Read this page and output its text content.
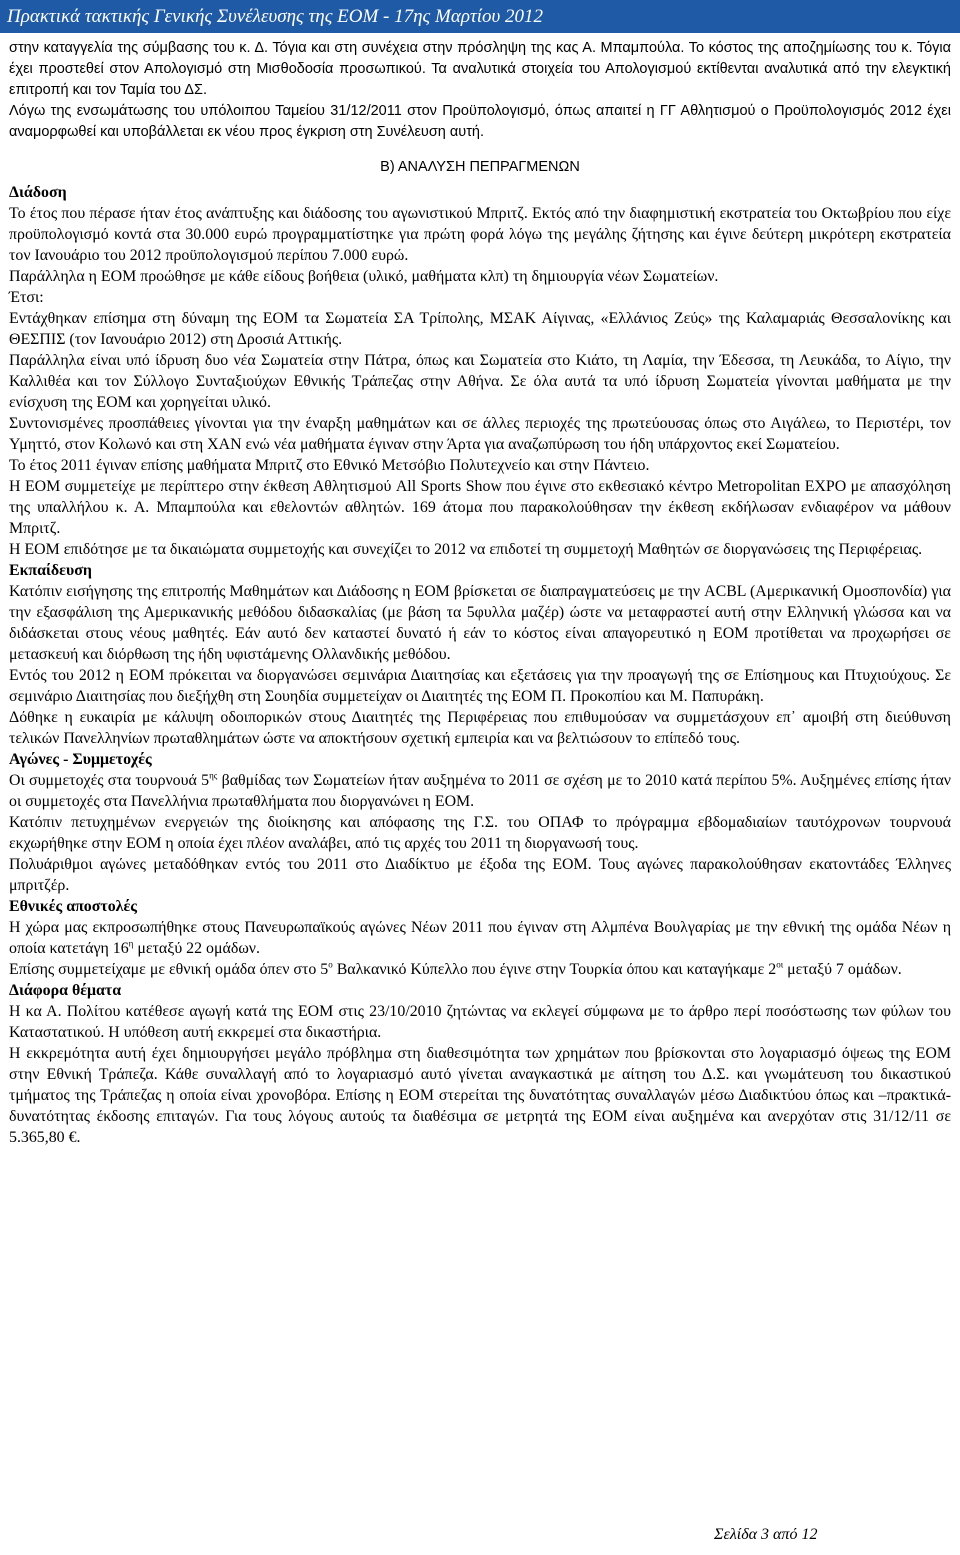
Πρακτικά τακτικής Γενικής Συνέλευσης της ΕΟΜ - 17ης Μαρτίου 2012

στην καταγγελία της σύμβασης του κ. Δ. Τόγια και στη συνέχεια στην πρόσληψη της κας Α. Μπαμπούλα. Το κόστος της αποζημίωσης του κ. Τόγια έχει προστεθεί στον Απολογισμό στη Μισθοδοσία προσωπικού. Τα αναλυτικά στοιχεία του Απολογισμού εκτίθενται αναλυτικά από την ελεγκτική επιτροπή και τον Ταμία του ΔΣ.

Λόγω της ενσωμάτωσης του υπόλοιπου Ταμείου 31/12/2011 στον Προϋπολογισμό, όπως απαιτεί η ΓΓ Αθλητισμού ο Προϋπολογισμός 2012 έχει αναμορφωθεί και υποβάλλεται εκ νέου προς έγκριση στη Συνέλευση αυτή.

Β) ΑΝΑΛΥΣΗ ΠΕΠΡΑΓΜΕΝΩΝ

Διάδοση

Το έτος που πέρασε ήταν έτος ανάπτυξης και διάδοσης του αγωνιστικού Μπριτζ. Εκτός από την διαφημιστική εκστρατεία του Οκτωβρίου που είχε προϋπολογισμό κοντά στα 30.000 ευρώ προγραμματίστηκε για πρώτη φορά λόγω της μεγάλης ζήτησης και έγινε δεύτερη μικρότερη εκστρατεία τον Ιανουάριο του 2012 προϋπολογισμού περίπου 7.000 ευρώ.

Παράλληλα η ΕΟΜ προώθησε με κάθε είδους βοήθεια (υλικό, μαθήματα κλπ) τη δημιουργία νέων Σωματείων.

Έτσι:

Εντάχθηκαν επίσημα στη δύναμη της ΕΟΜ τα Σωματεία ΣΑ Τρίπολης, ΜΣΑΚ Αίγινας, «Ελλάνιος Ζεύς» της Καλαμαριάς Θεσσαλονίκης και ΘΕΣΠΙΣ (τον Ιανουάριο 2012) στη Δροσιά Αττικής.

Παράλληλα είναι υπό ίδρυση δυο νέα Σωματεία στην Πάτρα, όπως και Σωματεία στο Κιάτο, τη Λαμία, την Έδεσσα, τη Λευκάδα, το Αίγιο, την Καλλιθέα και τον Σύλλογο Συνταξιούχων Εθνικής Τράπεζας στην Αθήνα. Σε όλα αυτά τα υπό ίδρυση Σωματεία γίνονται μαθήματα με την ενίσχυση της ΕΟΜ και χορηγείται υλικό.

Συντονισμένες προσπάθειες γίνονται για την έναρξη μαθημάτων και σε άλλες περιοχές της πρωτεύουσας όπως στο Αιγάλεω, το Περιστέρι, τον Υμηττό, στον Κολωνό και στη ΧΑΝ ενώ νέα μαθήματα έγιναν στην Άρτα για αναζωπύρωση του ήδη υπάρχοντος εκεί Σωματείου.

Το έτος 2011 έγιναν επίσης μαθήματα Μπριτζ στο Εθνικό Μετσόβιο Πολυτεχνείο και στην Πάντειο.

Η ΕΟΜ συμμετείχε με περίπτερο στην έκθεση Αθλητισμού All Sports Show που έγινε στο εκθεσιακό κέντρο Metropolitan EXPO με απασχόληση της υπαλλήλου κ. Α. Μπαμπούλα και εθελοντών αθλητών. 169 άτομα που παρακολούθησαν την έκθεση εκδήλωσαν ενδιαφέρον να μάθουν Μπριτζ.

Η ΕΟΜ επιδότησε με τα δικαιώματα συμμετοχής και συνεχίζει το 2012 να επιδοτεί τη συμμετοχή Μαθητών σε διοργανώσεις της Περιφέρειας.

Εκπαίδευση

Κατόπιν εισήγησης της επιτροπής Μαθημάτων και Διάδοσης η ΕΟΜ βρίσκεται σε διαπραγματεύσεις με την ACBL (Αμερικανική Ομοσπονδία) για την εξασφάλιση της Αμερικανικής μεθόδου διδασκαλίας (με βάση τα 5φυλλα μαζέρ) ώστε να μεταφραστεί αυτή στην Ελληνική γλώσσα και να διδάσκεται στους νέους μαθητές. Εάν αυτό δεν καταστεί δυνατό ή εάν το κόστος είναι απαγορευτικό η ΕΟΜ προτίθεται να προχωρήσει σε μετασκευή και διόρθωση της ήδη υφιστάμενης Ολλανδικής μεθόδου.

Εντός του 2012 η ΕΟΜ πρόκειται να διοργανώσει σεμινάρια Διαιτησίας και εξετάσεις για την προαγωγή της σε Επίσημους και Πτυχιούχους. Σε σεμινάριο Διαιτησίας που διεξήχθη στη Σουηδία συμμετείχαν οι Διαιτητές της ΕΟΜ Π. Προκοπίου και Μ. Παπυράκη.

Δόθηκε η ευκαιρία με κάλυψη οδοιπορικών στους Διαιτητές της Περιφέρειας που επιθυμούσαν να συμμετάσχουν επ᾿ αμοιβή στη διεύθυνση τελικών Πανελληνίων πρωταθλημάτων ώστε να αποκτήσουν σχετική εμπειρία και να βελτιώσουν το επίπεδό τους.

Αγώνες - Συμμετοχές

Οι συμμετοχές στα τουρνουά $5^{\eta\varsigma}$ βαθμίδας των Σωματείων ήταν αυξημένα το 2011 σε σχέση με το 2010 κατά περίπου 5%. Αυξημένες επίσης ήταν οι συμμετοχές στα Πανελλήνια πρωταθλήματα που διοργανώνει η ΕΟΜ.

Κατόπιν πετυχημένων ενεργειών της διοίκησης και απόφασης της Γ.Σ. του ΟΠΑΦ το πρόγραμμα εβδομαδιαίων ταυτόχρονων τουρνουά εκχωρήθηκε στην ΕΟΜ η οποία έχει πλέον αναλάβει, από τις αρχές του 2011 τη διοργανωσή τους.

Πολυάριθμοι αγώνες μεταδόθηκαν εντός του 2011 στο Διαδίκτυο με έξοδα της ΕΟΜ. Τους αγώνες παρακολούθησαν εκατοντάδες Έλληνες μπριτζέρ.

Εθνικές αποστολές

Η χώρα μας εκπροσωπήθηκε στους Πανευρωπαϊκούς αγώνες Νέων 2011 που έγιναν στη Αλμπένα Βουλγαρίας με την εθνική της ομάδα Νέων η οποία κατετάγη $16^\eta$ μεταξύ 22 ομάδων.

Επίσης συμμετείχαμε με εθνική ομάδα όπεν στο $5^o$ Βαλκανικό Κύπελλο που έγινε στην Τουρκία όπου και καταγήκαμε $2^{o\iota}$ μεταξύ 7 ομάδων.

Διάφορα θέματα

Η κα Α. Πολίτου κατέθεσε αγωγή κατά της ΕΟΜ στις 23/10/2010 ζητώντας να εκλεγεί σύμφωνα με το άρθρο περί ποσόστωσης των φύλων του Καταστατικού. Η υπόθεση αυτή εκκρεμεί στα δικαστήρια.

Η εκκρεμότητα αυτή έχει δημιουργήσει μεγάλο πρόβλημα στη διαθεσιμότητα των χρημάτων που βρίσκονται στο λογαριασμό όψεως της ΕΟΜ στην Εθνική Τράπεζα. Κάθε συναλλαγή από το λογαριασμό αυτό γίνεται αναγκαστικά με αίτηση του Δ.Σ. και γνωμάτευση του δικαστικού τμήματος της Τράπεζας η οποία είναι χρονοβόρα. Επίσης η ΕΟΜ στερείται της δυνατότητας συναλλαγών μέσω Διαδικτύου όπως και –πρακτικά- δυνατότητας έκδοσης επιταγών. Για τους λόγους αυτούς τα διαθέσιμα σε μετρητά της ΕΟΜ είναι αυξημένα και ανερχόταν στις 31/12/11 σε 5.365,80 €.

Σελίδα 3 από 12
